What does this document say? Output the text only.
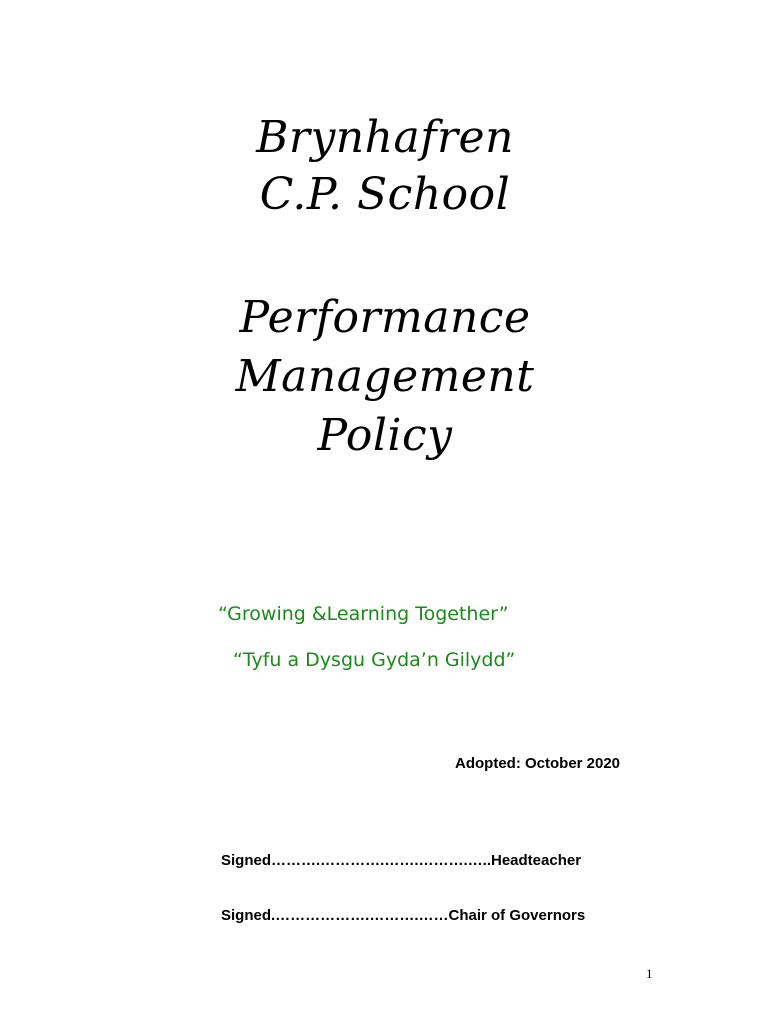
Brynhafren
C.P. School
Performance
Management
Policy
“Growing &Learning Together”
“Tyfu a Dysgu Gyda’n Gilydd”
Adopted: October 2020
Signed……….………….…….……….…..Headteacher
Signed.……………….……….……Chair of Governors
1
